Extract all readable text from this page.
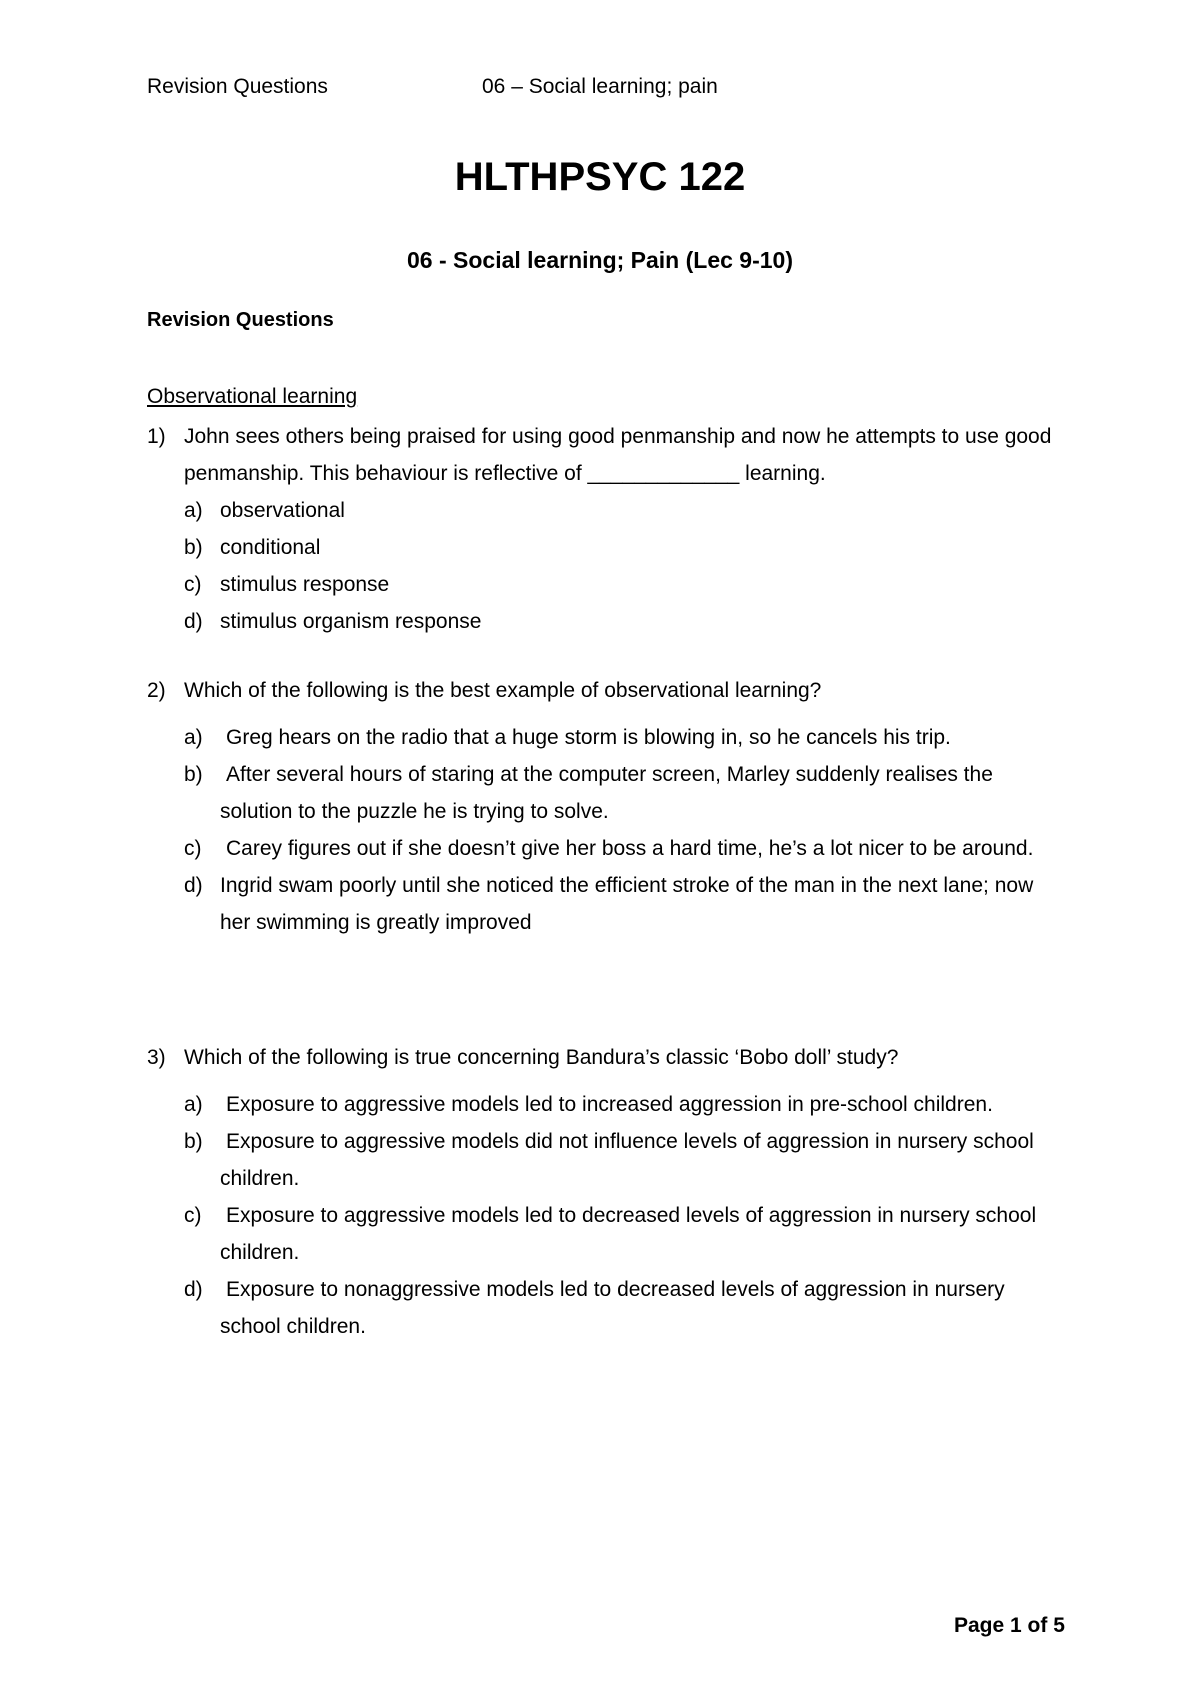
Revision Questions	06 – Social learning; pain
HLTHPSYC 122
06 - Social learning; Pain (Lec 9-10)
Revision Questions
Observational learning
1) John sees others being praised for using good penmanship and now he attempts to use good penmanship. This behaviour is reflective of _____________ learning.
a) observational
b) conditional
c) stimulus response
d) stimulus organism response
2) Which of the following is the best example of observational learning?
a)	Greg hears on the radio that a huge storm is blowing in, so he cancels his trip.
b)	After several hours of staring at the computer screen, Marley suddenly realises the solution to the puzzle he is trying to solve.
c)	Carey figures out if she doesn’t give her boss a hard time, he’s a lot nicer to be around.
d) Ingrid swam poorly until she noticed the efficient stroke of the man in the next lane; now her swimming is greatly improved
3) Which of the following is true concerning Bandura’s classic ‘Bobo doll’ study?
a)	Exposure to aggressive models led to increased aggression in pre-school children.
b)	Exposure to aggressive models did not influence levels of aggression in nursery school children.
c)	Exposure to aggressive models led to decreased levels of aggression in nursery school children.
d)	Exposure to nonaggressive models led to decreased levels of aggression in nursery school children.
Page 1 of 5
